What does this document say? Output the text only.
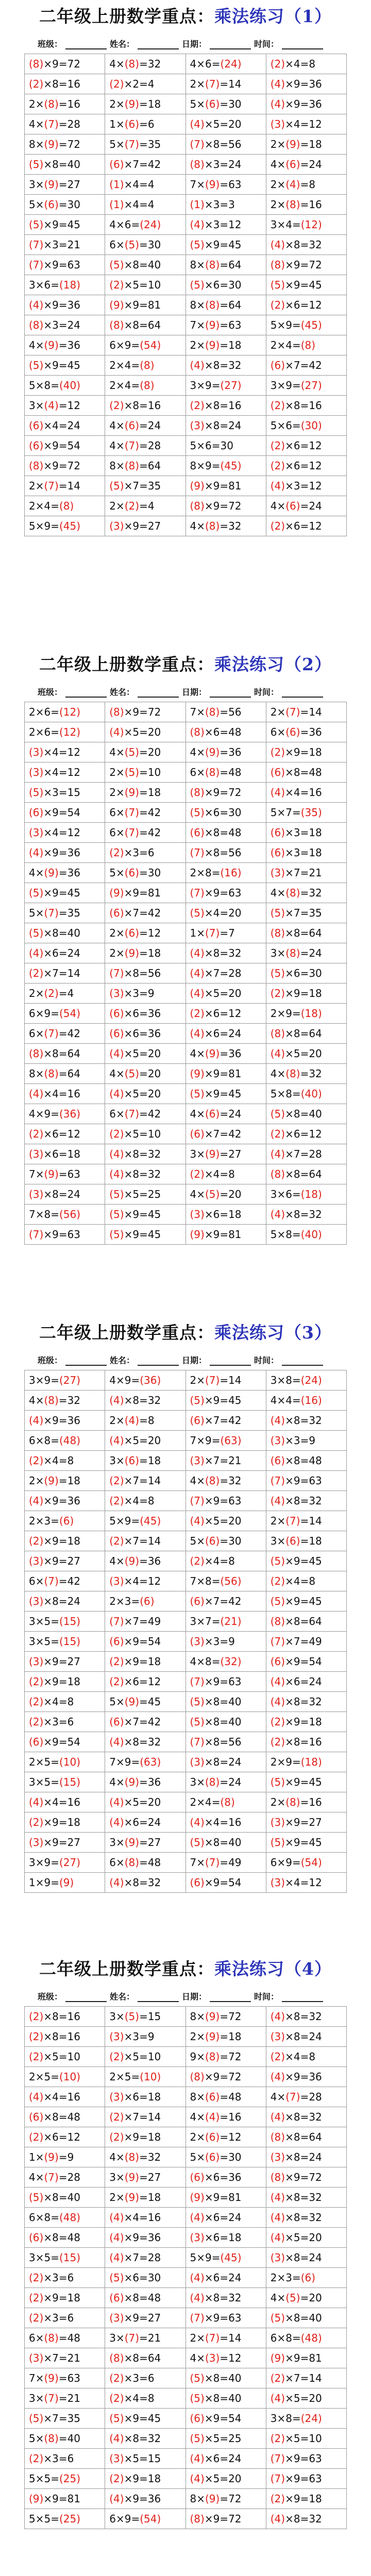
二年级上册数学重点：乘法练习（1）
班级：	姓名：	日期：	时间：
(8)×9=72	4×(8)=32	4×6=(24)	(2)×4=8
(2)×8=16	(2)×2=4	2×(7)=14	(4)×9=36
2×(8)=16	2×(9)=18	5×(6)=30	(4)×9=36
4×(7)=28	1×(6)=6	(4)×5=20	(3)×4=12
8×(9)=72	5×(7)=35	(7)×8=56	2×(9)=18
(5)×8=40	(6)×7=42	(8)×3=24	4×(6)=24
3×(9)=27	(1)×4=4	7×(9)=63	2×(4)=8
5×(6)=30	(1)×4=4	(1)×3=3	2×(8)=16
(5)×9=45	4×6=(24)	(4)×3=12	3×4=(12)
(7)×3=21	6×(5)=30	(5)×9=45	(4)×8=32
(7)×9=63	(5)×8=40	8×(8)=64	(8)×9=72
3×6=(18)	(2)×5=10	(5)×6=30	(5)×9=45
(4)×9=36	(9)×9=81	8×(8)=64	(2)×6=12
(8)×3=24	(8)×8=64	7×(9)=63	5×9=(45)
4×(9)=36	6×9=(54)	2×(9)=18	2×4=(8)
(5)×9=45	2×4=(8)	(4)×8=32	(6)×7=42
5×8=(40)	2×4=(8)	3×9=(27)	3×9=(27)
3×(4)=12	(2)×8=16	(2)×8=16	(2)×8=16
(6)×4=24	4×(6)=24	(3)×8=24	5×6=(30)
(6)×9=54	4×(7)=28	5×6=30	(2)×6=12
(8)×9=72	8×(8)=64	8×9=(45)	(2)×6=12
2×(7)=14	(5)×7=35	(9)×9=81	(4)×3=12
2×4=(8)	2×(2)=4	(8)×9=72	4×(6)=24
5×9=(45)	(3)×9=27	4×(8)=32	(2)×6=12
二年级上册数学重点：乘法练习（2）
班级：	姓名：	日期：	时间：
2×6=(12)	(8)×9=72	7×(8)=56	2×(7)=14
2×6=(12)	(4)×5=20	(8)×6=48	6×(6)=36
(3)×4=12	4×(5)=20	4×(9)=36	(2)×9=18
(3)×4=12	2×(5)=10	6×(8)=48	(6)×8=48
(5)×3=15	2×(9)=18	(8)×9=72	(4)×4=16
(6)×9=54	6×(7)=42	(5)×6=30	5×7=(35)
(3)×4=12	6×(7)=42	(6)×8=48	(6)×3=18
(4)×9=36	(2)×3=6	(7)×8=56	(6)×3=18
4×(9)=36	5×(6)=30	2×8=(16)	(3)×7=21
(5)×9=45	(9)×9=81	(7)×9=63	4×(8)=32
5×(7)=35	(6)×7=42	(5)×4=20	(5)×7=35
(5)×8=40	2×(6)=12	1×(7)=7	(8)×8=64
(4)×6=24	2×(9)=18	(4)×8=32	3×(8)=24
(2)×7=14	(7)×8=56	(4)×7=28	(5)×6=30
2×(2)=4	(3)×3=9	(4)×5=20	(2)×9=18
6×9=(54)	(6)×6=36	(2)×6=12	2×9=(18)
6×(7)=42	(6)×6=36	(4)×6=24	(8)×8=64
(8)×8=64	(4)×5=20	4×(9)=36	(4)×5=20
8×(8)=64	4×(5)=20	(9)×9=81	4×(8)=32
(4)×4=16	(4)×5=20	(5)×9=45	5×8=(40)
4×9=(36)	6×(7)=42	4×(6)=24	(5)×8=40
(2)×6=12	(2)×5=10	(6)×7=42	(2)×6=12
(3)×6=18	(4)×8=32	3×(9)=27	(4)×7=28
7×(9)=63	(4)×8=32	(2)×4=8	(8)×8=64
(3)×8=24	(5)×5=25	4×(5)=20	3×6=(18)
7×8=(56)	(5)×9=45	(3)×6=18	(4)×8=32
(7)×9=63	(5)×9=45	(9)×9=81	5×8=(40)
二年级上册数学重点：乘法练习（3）
班级：	姓名：	日期：	时间：
3×9=(27)	4×9=(36)	2×(7)=14	3×8=(24)
4×(8)=32	(4)×8=32	(5)×9=45	4×4=(16)
(4)×9=36	2×(4)=8	(6)×7=42	(4)×8=32
6×8=(48)	(4)×5=20	7×9=(63)	(3)×3=9
(2)×4=8	3×(6)=18	(3)×7=21	(6)×8=48
2×(9)=18	(2)×7=14	4×(8)=32	(7)×9=63
(4)×9=36	(2)×4=8	(7)×9=63	(4)×8=32
2×3=(6)	5×9=(45)	(4)×5=20	2×(7)=14
(2)×9=18	(2)×7=14	5×(6)=30	3×(6)=18
(3)×9=27	4×(9)=36	(2)×4=8	(5)×9=45
6×(7)=42	(3)×4=12	7×8=(56)	(2)×4=8
(3)×8=24	2×3=(6)	(6)×7=42	(5)×9=45
3×5=(15)	(7)×7=49	3×7=(21)	(8)×8=64
3×5=(15)	(6)×9=54	(3)×3=9	(7)×7=49
(3)×9=27	(2)×9=18	4×8=(32)	(6)×9=54
(2)×9=18	(2)×6=12	(7)×9=63	(4)×6=24
(2)×4=8	5×(9)=45	(5)×8=40	(4)×8=32
(2)×3=6	(6)×7=42	(5)×8=40	(2)×9=18
(6)×9=54	(4)×8=32	(7)×8=56	(2)×8=16
2×5=(10)	7×9=(63)	(3)×8=24	2×9=(18)
3×5=(15)	4×(9)=36	3×(8)=24	(5)×9=45
(4)×4=16	(4)×5=20	2×4=(8)	2×(8)=16
(2)×9=18	(4)×6=24	(4)×4=16	(3)×9=27
(3)×9=27	3×(9)=27	(5)×8=40	(5)×9=45
3×9=(27)	6×(8)=48	7×(7)=49	6×9=(54)
1×9=(9)	(4)×8=32	(6)×9=54	(3)×4=12
二年级上册数学重点：乘法练习（4）
班级：	姓名：	日期：	时间：
(2)×8=16	3×(5)=15	8×(9)=72	(4)×8=32
(2)×8=16	(3)×3=9	2×(9)=18	(3)×8=24
(2)×5=10	(2)×5=10	9×(8)=72	(2)×4=8
2×5=(10)	2×5=(10)	(8)×9=72	(4)×9=36
(4)×4=16	(3)×6=18	8×(6)=48	4×(7)=28
(6)×8=48	(2)×7=14	4×(4)=16	(4)×8=32
(2)×6=12	(2)×9=18	2×(6)=12	(8)×8=64
1×(9)=9	4×(8)=32	5×(6)=30	(3)×8=24
4×(7)=28	3×(9)=27	(6)×6=36	(8)×9=72
(5)×8=40	2×(9)=18	(9)×9=81	(4)×8=32
6×8=(48)	(4)×4=16	(4)×6=24	(4)×8=32
(6)×8=48	(4)×9=36	(3)×6=18	(4)×5=20
3×5=(15)	(4)×7=28	5×9=(45)	(3)×8=24
(2)×3=6	(5)×6=30	(4)×6=24	2×3=(6)
(2)×9=18	(6)×8=48	(4)×8=32	4×(5)=20
(2)×3=6	(3)×9=27	(7)×9=63	(5)×8=40
6×(8)=48	3×(7)=21	2×(7)=14	6×8=(48)
(3)×7=21	(8)×8=64	4×(3)=12	(9)×9=81
7×(9)=63	(2)×3=6	(5)×8=40	(2)×7=14
3×(7)=21	(2)×4=8	(5)×8=40	(4)×5=20
(5)×7=35	(5)×9=45	(6)×9=54	3×8=(24)
5×(8)=40	(4)×8=32	(5)×5=25	(2)×5=10
(2)×3=6	(3)×5=15	(4)×6=24	(7)×9=63
5×5=(25)	(2)×9=18	(4)×5=20	(7)×9=63
(9)×9=81	(4)×9=36	8×(9)=72	(2)×9=18
5×5=(25)	6×9=(54)	(8)×9=72	(4)×8=32
